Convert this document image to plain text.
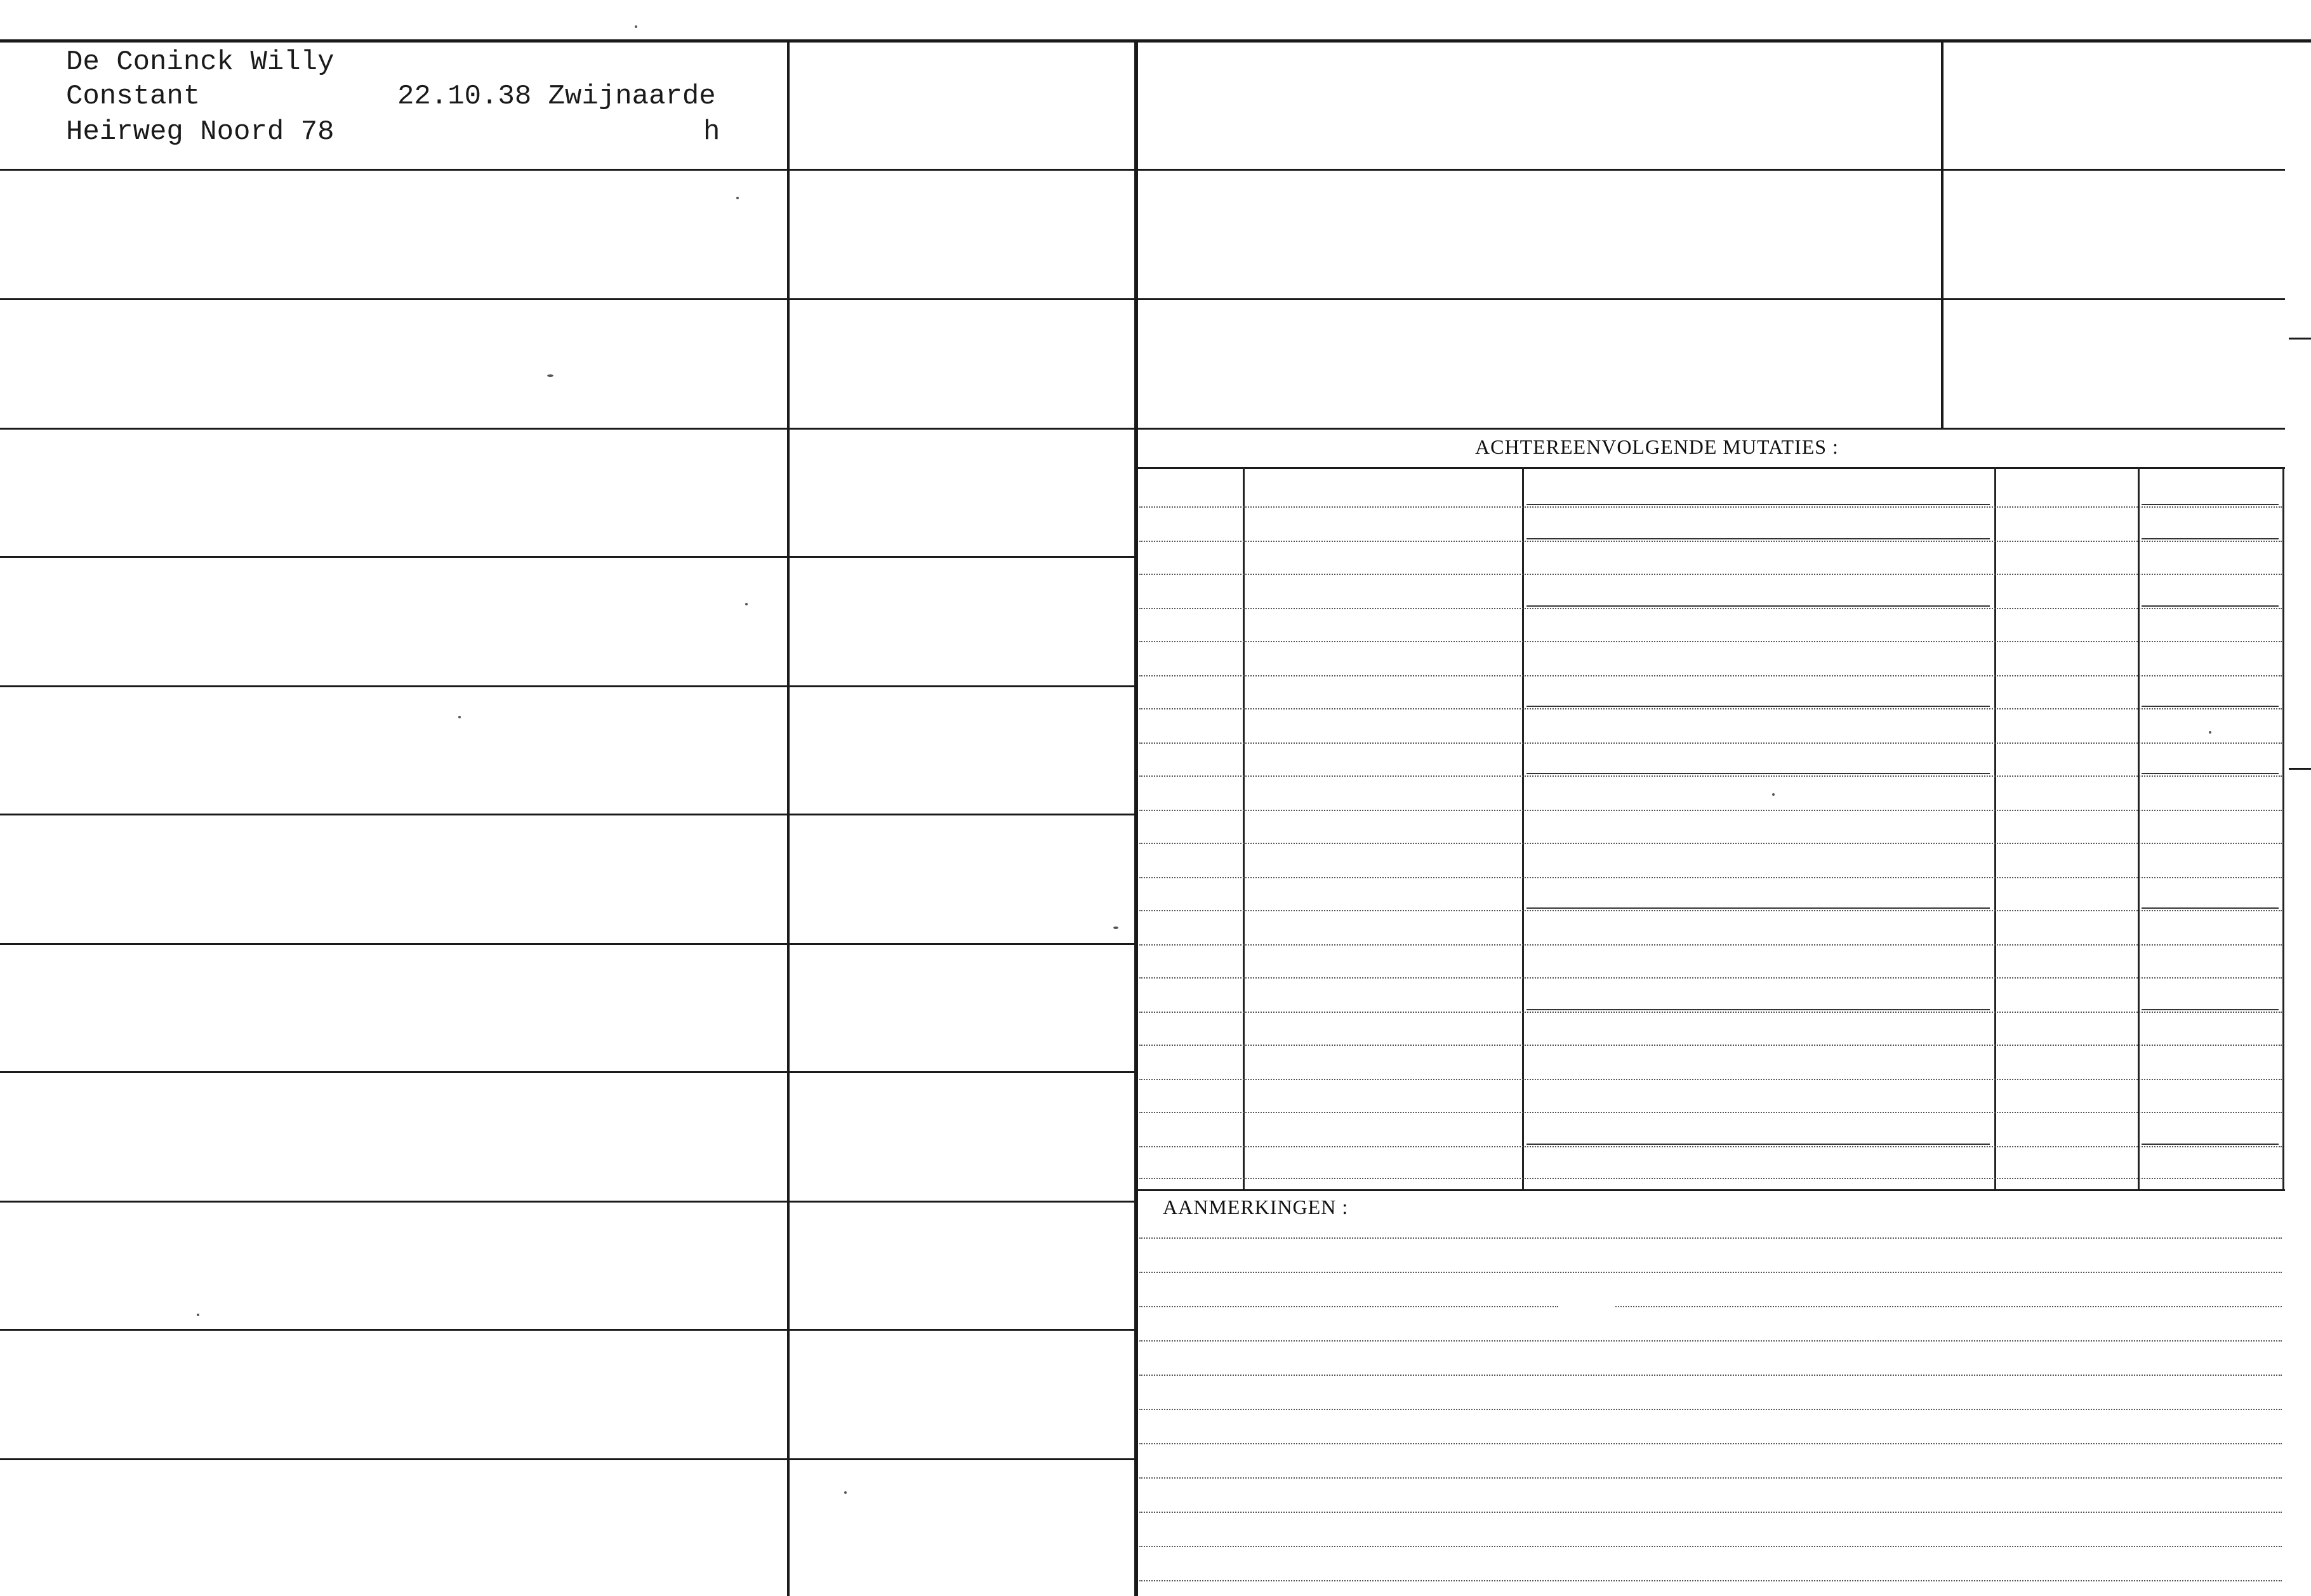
De Coninck Willy
Constant
Heirweg Noord 78
22.10.38 Zwijnaarde
h
ACHTEREENVOLGENDE MUTATIES :
AANMERKINGEN :
